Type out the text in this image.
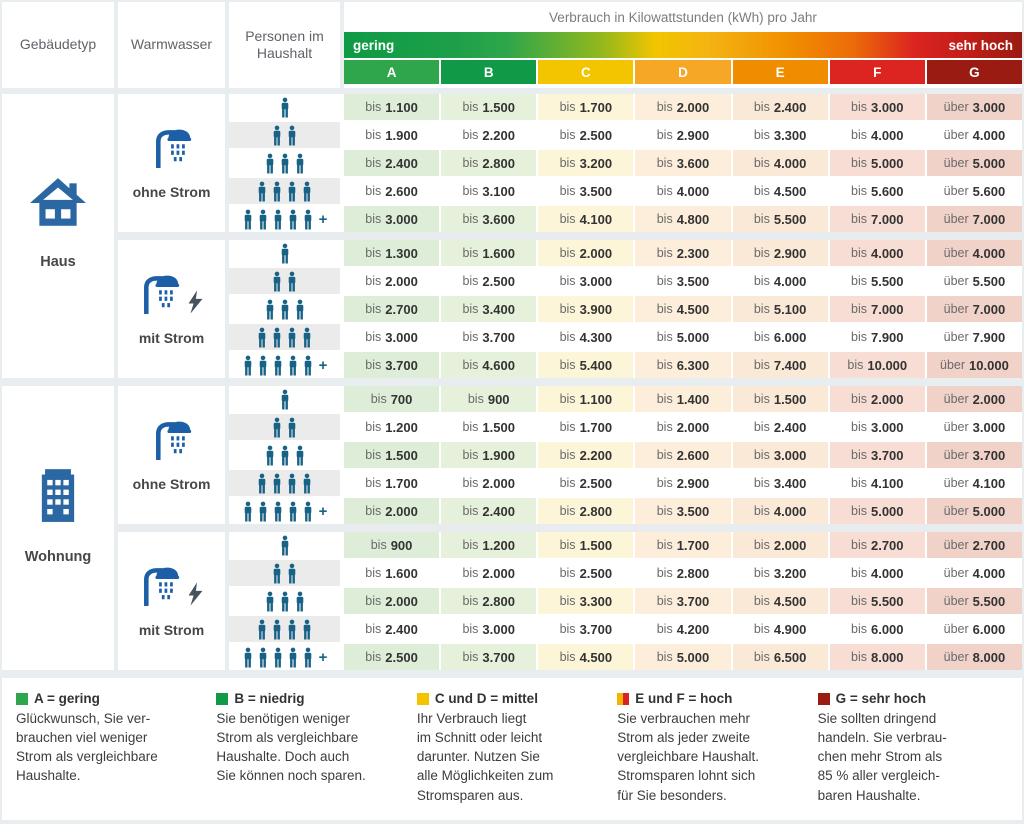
Gebäudetyp	Warmwasser
Personen im Haushalt
Verbrauch in Kilowattstunden (kWh) pro Jahr
gering	sehr hoch
A	B	C	D	E	F	G
Haus
ohne Strom
bis 1.100	bis 1.500	bis 1.700	bis 2.000	bis 2.400	bis 3.000	über 3.000
bis 1.900	bis 2.200	bis 2.500	bis 2.900	bis 3.300	bis 4.000	über 4.000
bis 2.400	bis 2.800	bis 3.200	bis 3.600	bis 4.000	bis 5.000	über 5.000
bis 2.600	bis 3.100	bis 3.500	bis 4.000	bis 4.500	bis 5.600	über 5.600
+	bis 3.000	bis 3.600	bis 4.100	bis 4.800	bis 5.500	bis 7.000	über 7.000
mit Strom
bis 1.300	bis 1.600	bis 2.000	bis 2.300	bis 2.900	bis 4.000	über 4.000
bis 2.000	bis 2.500	bis 3.000	bis 3.500	bis 4.000	bis 5.500	über 5.500
bis 2.700	bis 3.400	bis 3.900	bis 4.500	bis 5.100	bis 7.000	über 7.000
bis 3.000	bis 3.700	bis 4.300	bis 5.000	bis 6.000	bis 7.900	über 7.900
+	bis 3.700	bis 4.600	bis 5.400	bis 6.300	bis 7.400	bis 10.000	über 10.000
Wohnung
ohne Strom
bis 700	bis 900	bis 1.100	bis 1.400	bis 1.500	bis 2.000	über 2.000
bis 1.200	bis 1.500	bis 1.700	bis 2.000	bis 2.400	bis 3.000	über 3.000
bis 1.500	bis 1.900	bis 2.200	bis 2.600	bis 3.000	bis 3.700	über 3.700
bis 1.700	bis 2.000	bis 2.500	bis 2.900	bis 3.400	bis 4.100	über 4.100
+	bis 2.000	bis 2.400	bis 2.800	bis 3.500	bis 4.000	bis 5.000	über 5.000
mit Strom
bis 900	bis 1.200	bis 1.500	bis 1.700	bis 2.000	bis 2.700	über 2.700
bis 1.600	bis 2.000	bis 2.500	bis 2.800	bis 3.200	bis 4.000	über 4.000
bis 2.000	bis 2.800	bis 3.300	bis 3.700	bis 4.500	bis 5.500	über 5.500
bis 2.400	bis 3.000	bis 3.700	bis 4.200	bis 4.900	bis 6.000	über 6.000
+	bis 2.500	bis 3.700	bis 4.500	bis 5.000	bis 6.500	bis 8.000	über 8.000
A = gering
Glückwunsch, Sie ver-
brauchen viel weniger
Strom als vergleichbare
Haushalte.
B = niedrig
Sie benötigen weniger
Strom als vergleichbare
Haushalte. Doch auch
Sie können noch sparen.
C und D = mittel
Ihr Verbrauch liegt
im Schnitt oder leicht
darunter. Nutzen Sie
alle Möglichkeiten zum
Stromsparen aus.
E und F = hoch
Sie verbrauchen mehr
Strom als jeder zweite
vergleichbare Haushalt.
Stromsparen lohnt sich
für Sie besonders.
G = sehr hoch
Sie sollten dringend
handeln. Sie verbrau-
chen mehr Strom als
85 % aller vergleich-
baren Haushalte.
